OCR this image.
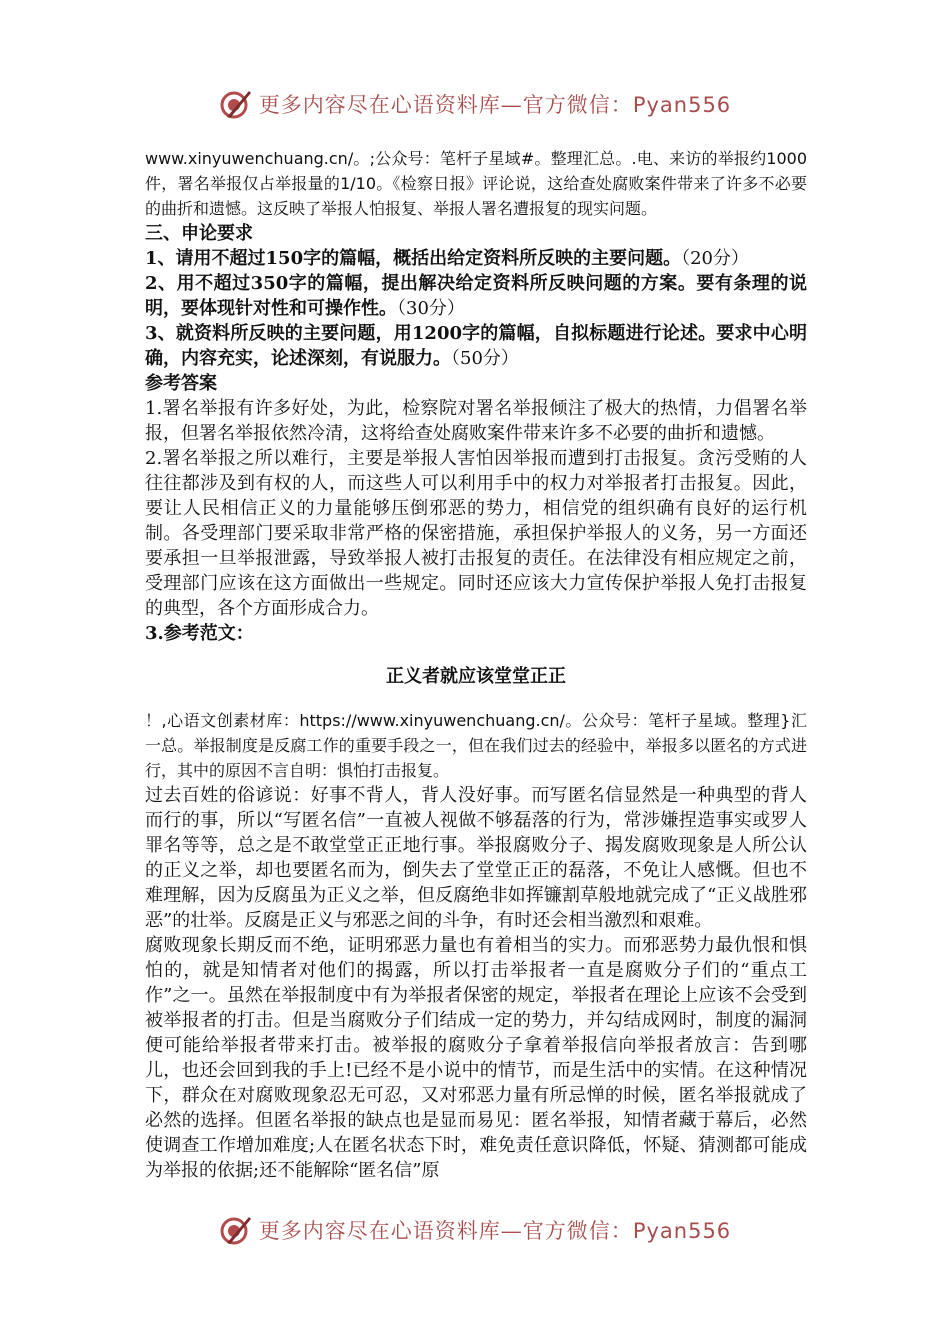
更多内容尽在心语资料库—官方微信：Pyan556

www.xinyuwenchuang.cn/。;公众号：笔杆子星域#。整理汇总。.电、来访的举报约1000件，署名举报仅占举报量的1/10。《检察日报》评论说，这给查处腐败案件带来了许多不必要的曲折和遗憾。这反映了举报人怕报复、举报人署名遭报复的现实问题。

三、申论要求

1、请用不超过150字的篇幅，概括出给定资料所反映的主要问题。（20分）

2、用不超过350字的篇幅，提出解决给定资料所反映问题的方案。要有条理的说明，要体现针对性和可操作性。（30分）

3、就资料所反映的主要问题，用1200字的篇幅，自拟标题进行论述。要求中心明确，内容充实，论述深刻，有说服力。（50分）

参考答案

1.署名举报有许多好处，为此，检察院对署名举报倾注了极大的热情，力倡署名举报，但署名举报依然冷清，这将给查处腐败案件带来许多不必要的曲折和遗憾。

2.署名举报之所以难行，主要是举报人害怕因举报而遭到打击报复。贪污受贿的人往往都涉及到有权的人，而这些人可以利用手中的权力对举报者打击报复。因此，要让人民相信正义的力量能够压倒邪恶的势力，相信党的组织确有良好的运行机制。各受理部门要采取非常严格的保密措施，承担保护举报人的义务，另一方面还要承担一旦举报泄露，导致举报人被打击报复的责任。在法律没有相应规定之前，受理部门应该在这方面做出一些规定。同时还应该大力宣传保护举报人免打击报复的典型，各个方面形成合力。

3.参考范文：

正义者就应该堂堂正正

！,心语文创素材库：https://www.xinyuwenchuang.cn/。公众号：笔杆子星域。整理}汇一总。举报制度是反腐工作的重要手段之一，但在我们过去的经验中，举报多以匿名的方式进行，其中的原因不言自明：惧怕打击报复。

过去百姓的俗谚说：好事不背人，背人没好事。而写匿名信显然是一种典型的背人而行的事，所以“写匿名信”一直被人视做不够磊落的行为，常涉嫌捏造事实或罗人罪名等等，总之是不敢堂堂正正地行事。举报腐败分子、揭发腐败现象是人所公认的正义之举，却也要匿名而为，倒失去了堂堂正正的磊落，不免让人感慨。但也不难理解，因为反腐虽为正义之举，但反腐绝非如挥镰割草般地就完成了“正义战胜邪恶”的壮举。反腐是正义与邪恶之间的斗争，有时还会相当激烈和艰难。

腐败现象长期反而不绝，证明邪恶力量也有着相当的实力。而邪恶势力最仇恨和惧怕的，就是知情者对他们的揭露，所以打击举报者一直是腐败分子们的“重点工作”之一。虽然在举报制度中有为举报者保密的规定，举报者在理论上应该不会受到被举报者的打击。但是当腐败分子们结成一定的势力，并勾结成网时，制度的漏洞便可能给举报者带来打击。被举报的腐败分子拿着举报信向举报者放言：告到哪儿，也还会回到我的手上!已经不是小说中的情节，而是生活中的实情。在这种情况下，群众在对腐败现象忍无可忍，又对邪恶力量有所忌惮的时候，匿名举报就成了必然的选择。但匿名举报的缺点也是显而易见：匿名举报，知情者藏于幕后，必然使调查工作增加难度;人在匿名状态下时，难免责任意识降低，怀疑、猜测都可能成为举报的依据;还不能解除“匿名信”原

更多内容尽在心语资料库—官方微信：Pyan556
